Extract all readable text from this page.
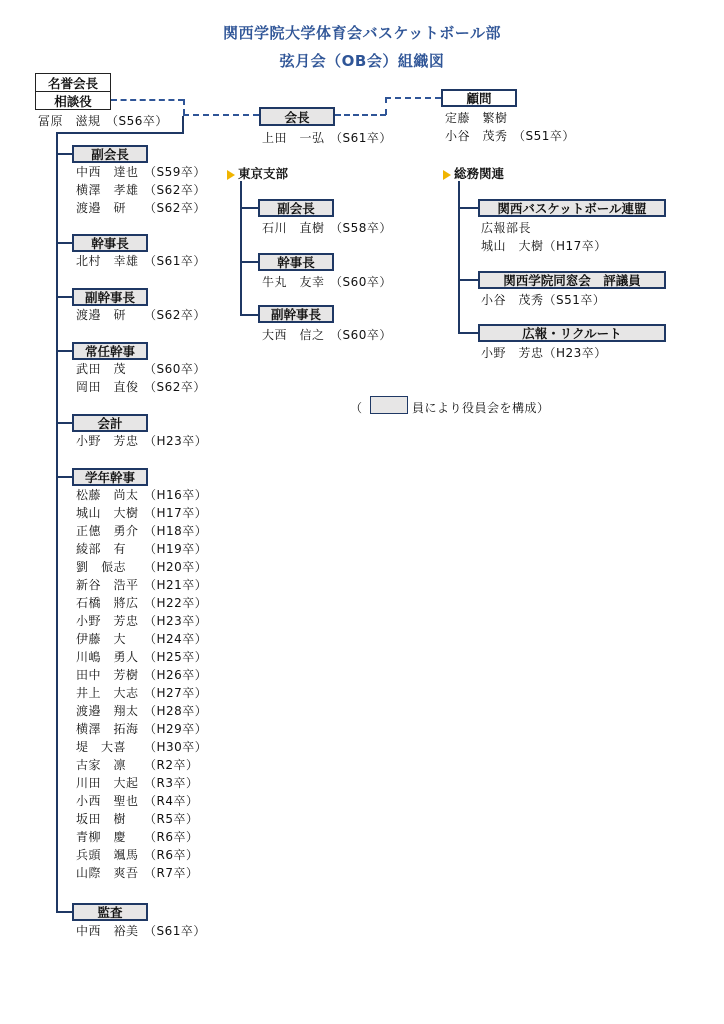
関西学院大学体育会バスケットボール部
弦月会（OB会）組織図
名誉会長
相談役
冨原　滋規 （S56卒）	会長
上田　一弘 （S61卒）
顧問
定藤　繁樹
小谷　茂秀 （S51卒）
副会長
中西　達也 （S59卒）
横澤　孝雄 （S62卒）
渡邉　研 （S62卒）
幹事長
北村　幸雄 （S61卒）
副幹事長
渡邉　研 （S62卒）
常任幹事
武田　茂 （S60卒）
岡田　直俊 （S62卒）
会計
小野　芳忠 （H23卒）
学年幹事
松藤　尚太 （H16卒）
城山　大樹 （H17卒）
正僡　勇介 （H18卒）
綾部　有 （H19卒）
劉　侲志 （H20卒）
新谷　浩平 （H21卒）
石橋　將広 （H22卒）
小野　芳忠 （H23卒）
伊藤　大 （H24卒）
川嶋　勇人 （H25卒）
田中　芳樹 （H26卒）
井上　大志 （H27卒）
渡邉　翔太 （H28卒）
横澤　拓海 （H29卒）
堤　大喜 （H30卒）
古家　凛 （R2卒）
川田　大起 （R3卒）
小西　聖也 （R4卒）
坂田　樹 （R5卒）
青柳　慶 （R6卒）
兵頭　颯馬 （R6卒）
山際　爽吾 （R7卒）
監査
中西　裕美 （S61卒）
東京支部
副会長
石川　直樹 （S58卒）
幹事長
牛丸　友幸 （S60卒）
副幹事長
大西　信之 （S60卒）
総務関連
関西バスケットボール連盟
広報部長
城山　大樹（H17卒）
関西学院同窓会　評議員
小谷　茂秀（S51卒）
広報・リクルート
小野　芳忠（H23卒）
（	員により役員会を構成）
